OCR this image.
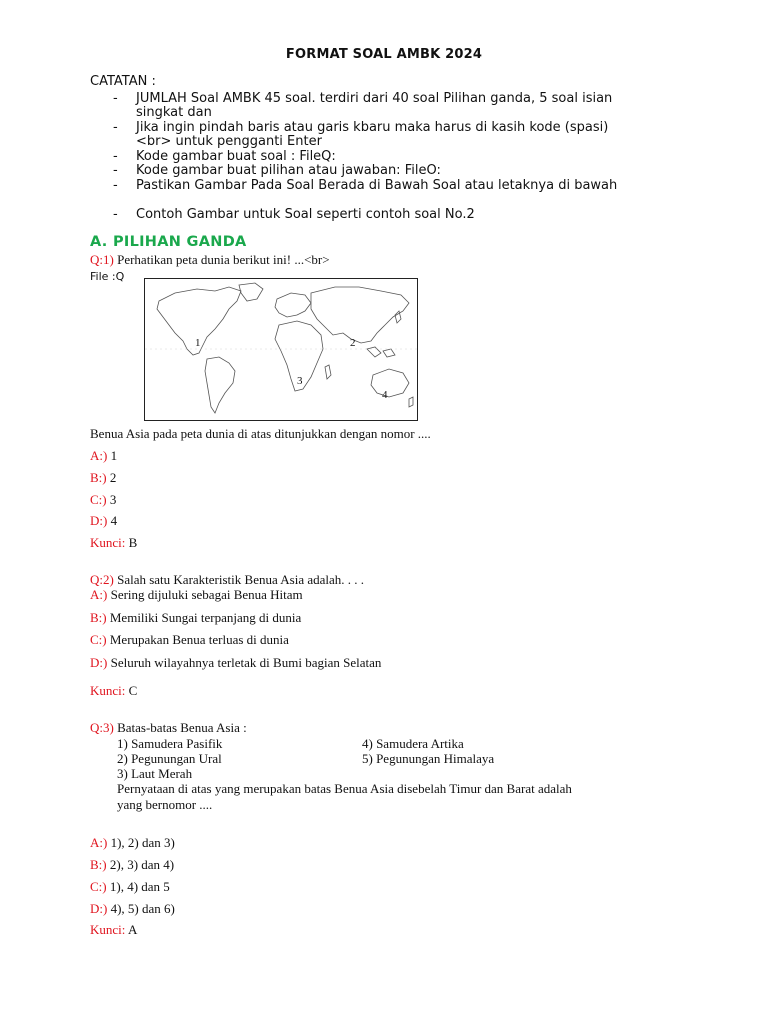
FORMAT SOAL AMBK 2024
CATATAN :
- JUMLAH Soal AMBK 45 soal. terdiri dari 40 soal Pilihan ganda, 5 soal isian
singkat dan
- Jika ingin pindah baris atau garis kbaru maka harus di kasih kode (spasi)
<br> untuk pengganti Enter
- Kode gambar buat soal : FileQ:
- Kode gambar buat pilihan atau jawaban: FileO:
- Pastikan Gambar Pada Soal Berada di Bawah Soal atau letaknya di bawah
- Contoh Gambar untuk Soal seperti contoh soal No.2
A. PILIHAN GANDA
Q:1) Perhatikan peta dunia berikut ini! ...<br>
File :Q
1	2
3
4
Benua Asia pada peta dunia di atas ditunjukkan dengan nomor ....
A:) 1
B:) 2
C:) 3
D:) 4
Kunci: B
Q:2) Salah satu Karakteristik Benua Asia adalah. . . .
A:) Sering dijuluki sebagai Benua Hitam
B:) Memiliki Sungai terpanjang di dunia
C:) Merupakan Benua terluas di dunia
D:) Seluruh wilayahnya terletak di Bumi bagian Selatan
Kunci: C
Q:3) Batas-batas Benua Asia :
1) Samudera Pasifik
2) Pegunungan Ural
3) Laut Merah
4) Samudera Artika
5) Pegunungan Himalaya
Pernyataan di atas yang merupakan batas Benua Asia disebelah Timur dan Barat adalah
yang bernomor ....
A:) 1), 2) dan 3)
B:) 2), 3) dan 4)
C:) 1), 4) dan 5
D:) 4), 5) dan 6)
Kunci: A
